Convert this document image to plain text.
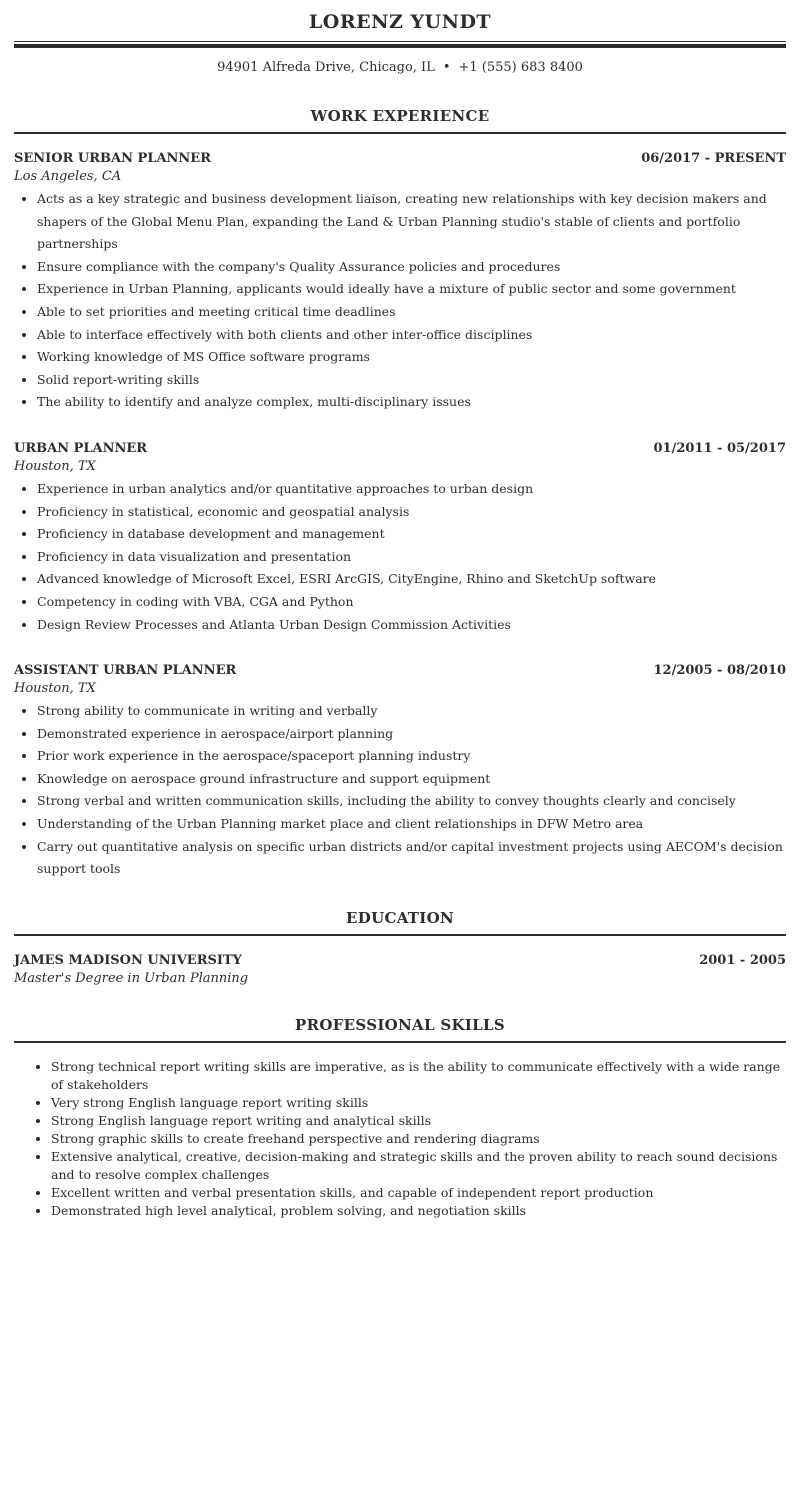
LORENZ YUNDT
94901 Alfreda Drive, Chicago, IL • +1 (555) 683 8400
WORK EXPERIENCE
SENIOR URBAN PLANNER	06/2017 - PRESENT
Los Angeles, CA
• Acts as a key strategic and business development liaison, creating new relationships with key decision makers and shapers of the Global Menu Plan, expanding the Land & Urban Planning studio's stable of clients and portfolio partnerships
• Ensure compliance with the company's Quality Assurance policies and procedures
• Experience in Urban Planning, applicants would ideally have a mixture of public sector and some government
• Able to set priorities and meeting critical time deadlines
• Able to interface effectively with both clients and other inter-office disciplines
• Working knowledge of MS Office software programs
• Solid report-writing skills
• The ability to identify and analyze complex, multi-disciplinary issues
URBAN PLANNER	01/2011 - 05/2017
Houston, TX
• Experience in urban analytics and/or quantitative approaches to urban design
• Proficiency in statistical, economic and geospatial analysis
• Proficiency in database development and management
• Proficiency in data visualization and presentation
• Advanced knowledge of Microsoft Excel, ESRI ArcGIS, CityEngine, Rhino and SketchUp software
• Competency in coding with VBA, CGA and Python
• Design Review Processes and Atlanta Urban Design Commission Activities
ASSISTANT URBAN PLANNER	12/2005 - 08/2010
Houston, TX
• Strong ability to communicate in writing and verbally
• Demonstrated experience in aerospace/airport planning
• Prior work experience in the aerospace/spaceport planning industry
• Knowledge on aerospace ground infrastructure and support equipment
• Strong verbal and written communication skills, including the ability to convey thoughts clearly and concisely
• Understanding of the Urban Planning market place and client relationships in DFW Metro area
• Carry out quantitative analysis on specific urban districts and/or capital investment projects using AECOM's decision support tools
EDUCATION
JAMES MADISON UNIVERSITY	2001 - 2005
Master's Degree in Urban Planning
PROFESSIONAL SKILLS
• Strong technical report writing skills are imperative, as is the ability to communicate effectively with a wide range of stakeholders
• Very strong English language report writing skills
• Strong English language report writing and analytical skills
• Strong graphic skills to create freehand perspective and rendering diagrams
• Extensive analytical, creative, decision-making and strategic skills and the proven ability to reach sound decisions and to resolve complex challenges
• Excellent written and verbal presentation skills, and capable of independent report production
• Demonstrated high level analytical, problem solving, and negotiation skills
